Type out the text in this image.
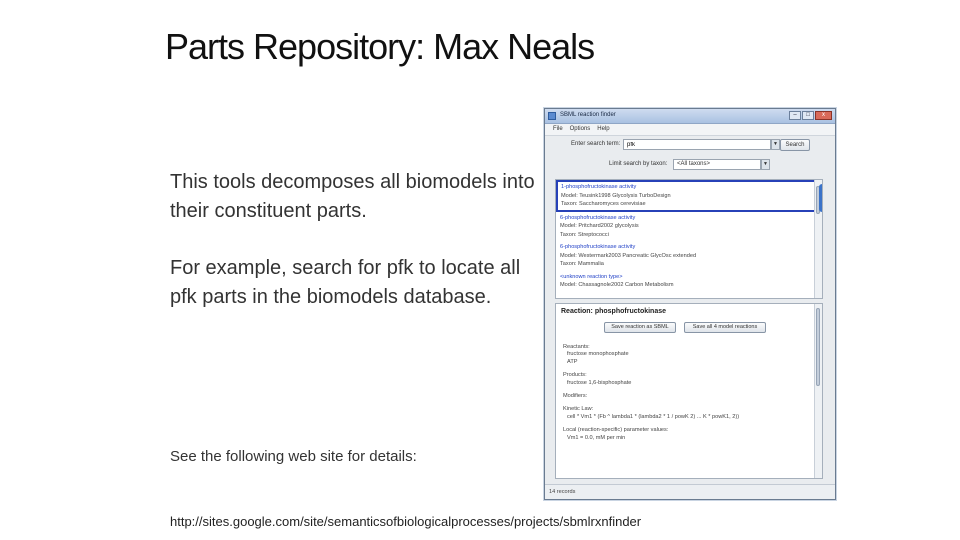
Parts Repository: Max Neals
This tools decomposes all biomodels into their constituent parts.
For example, search for pfk to locate all pfk parts in the biomodels database.
See the following web site for details:
http://sites.google.com/site/semanticsofbiologicalprocesses/projects/sbmlrxnfinder
SBML reaction finder	–	□	x
File Options Help
Enter search term:
pfk	▼	Search
Limit search by taxon:	<All taxons>	▼
1-phosphofructokinase activity
Model: Teusink1998 Glycolysis TurboDesign
Taxon: Saccharomyces cerevisiae
6-phosphofructokinase activity
Model: Pritchard2002 glycolysis
Taxon: Streptococci
6-phosphofructokinase activity
Model: Westermark2003 Pancreatic GlycOsc extended
Taxon: Mammalia
<unknown reaction type>
Model: Chassagnole2002 Carbon Metabolism
Reaction: phosphofructokinase
Save reaction as SBML	Save all 4 model reactions
Reactants:
fructose monophosphate
ATP
Products:
fructose 1,6-bisphosphate
Modifiers:
Kinetic Law:
cell * Vm1 * (Fb ^ lambda1 * (lambda2 * 1 / powK 2) ... K * powK1, 2))
Local (reaction-specific) parameter values:
Vm1 = 0.0, mM per min
14 records
